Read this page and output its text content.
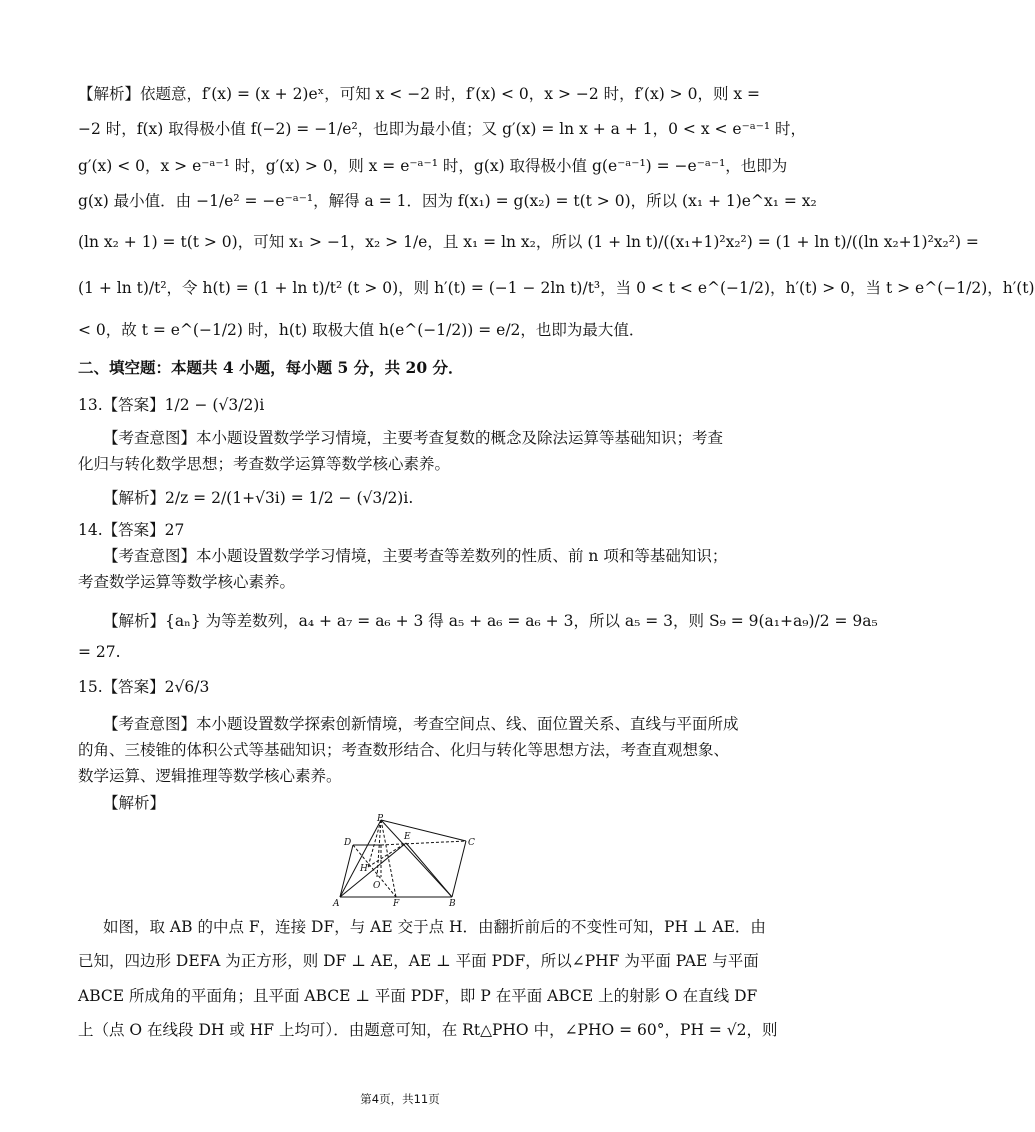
【解析】依题意，f′(x) = (x + 2)eˣ，可知 x < −2 时，f′(x) < 0，x > −2 时，f′(x) > 0，则 x =
−2 时，f(x) 取得极小值 f(−2) = −1/e²，也即为最小值；又 g′(x) = ln x + a + 1，0 < x < e⁻ᵃ⁻¹ 时，
g′(x) < 0，x > e⁻ᵃ⁻¹ 时，g′(x) > 0，则 x = e⁻ᵃ⁻¹ 时，g(x) 取得极小值 g(e⁻ᵃ⁻¹) = −e⁻ᵃ⁻¹，也即为
g(x) 最小值．由 −1/e² = −e⁻ᵃ⁻¹，解得 a = 1．因为 f(x₁) = g(x₂) = t(t > 0)，所以 (x₁ + 1)e^x₁ = x₂
(ln x₂ + 1) = t(t > 0)，可知 x₁ > −1，x₂ > 1/e，且 x₁ = ln x₂，所以 (1 + ln t)/((x₁+1)²x₂²) = (1 + ln t)/((ln x₂+1)²x₂²) =
(1 + ln t)/t²，令 h(t) = (1 + ln t)/t² (t > 0)，则 h′(t) = (−1 − 2ln t)/t³，当 0 < t < e^(−1/2)，h′(t) > 0，当 t > e^(−1/2)，h′(t)
< 0，故 t = e^(−1/2) 时，h(t) 取极大值 h(e^(−1/2)) = e/2，也即为最大值．
二、填空题：本题共 4 小题，每小题 5 分，共 20 分．
13.【答案】1/2 − (√3/2)i
【考查意图】本小题设置数学学习情境，主要考查复数的概念及除法运算等基础知识；考查
化归与转化数学思想；考查数学运算等数学核心素养。
【解析】2/z = 2/(1+√3i) = 1/2 − (√3/2)i.
14.【答案】27
【考查意图】本小题设置数学学习情境，主要考查等差数列的性质、前 n 项和等基础知识；
考查数学运算等数学核心素养。
【解析】{aₙ} 为等差数列，a₄ + a₇ = a₆ + 3 得 a₅ + a₆ = a₆ + 3，所以 a₅ = 3，则 S₉ = 9(a₁+a₉)/2 = 9a₅
= 27.
15.【答案】2√6/3
【考查意图】本小题设置数学探索创新情境，考查空间点、线、面位置关系、直线与平面所成
的角、三棱锥的体积公式等基础知识；考查数形结合、化归与转化等思想方法，考查直观想象、
数学运算、逻辑推理等数学核心素养。
【解析】
P
D
E
C
H
O
A	F	B
如图，取 AB 的中点 F，连接 DF，与 AE 交于点 H．由翻折前后的不变性可知，PH ⊥ AE．由
已知，四边形 DEFA 为正方形，则 DF ⊥ AE，AE ⊥ 平面 PDF，所以∠PHF 为平面 PAE 与平面
ABCE 所成角的平面角；且平面 ABCE ⊥ 平面 PDF，即 P 在平面 ABCE 上的射影 O 在直线 DF
上（点 O 在线段 DH 或 HF 上均可）．由题意可知，在 Rt△PHO 中，∠PHO = 60°，PH = √2，则
第4页，共11页
